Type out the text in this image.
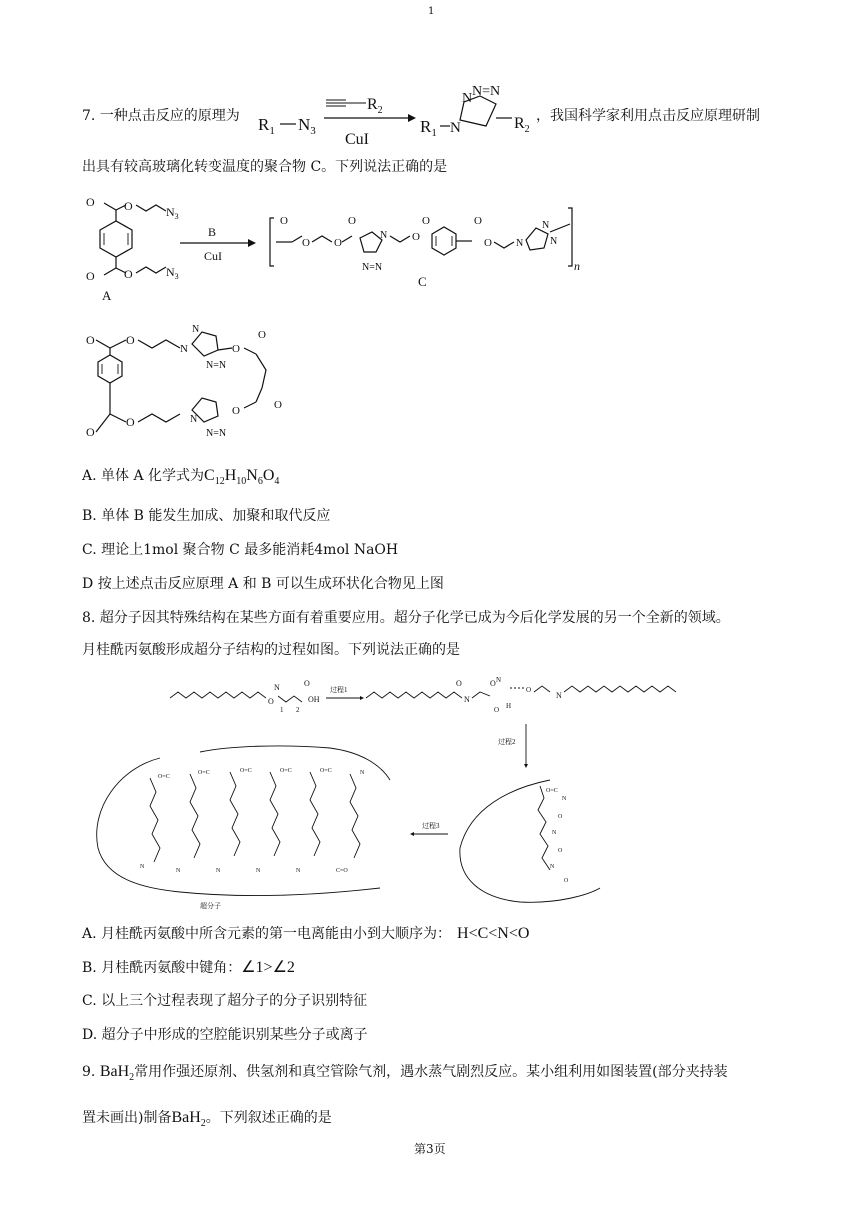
1
7. 一种点击反应的原理为 $R_1$ $N_3$
$R_2$
CuI
$R_1$ N
N N=N
$R_2$
，我国科学家利用点击反应原理研制
出具有较高玻璃化转变温度的聚合物 C。下列说法正确的是
O O	$N_3$
O O	$N_3$
A
B
CuI
O
O O
O
N=N
N O
O	O
O N
N
N
n
C
O	O
N
N
N=N
O
O
O
O
N
N=N
O
O
A. 单体 A 化学式为$C_{12}H_{10}N_6O_4$
B. 单体 B 能发生加成、加聚和取代反应
C. 理论上1mol 聚合物 C 最多能消耗4mol NaOH
D 按上述点击反应原理 A 和 B 可以生成环状化合物见上图
8. 超分子因其特殊结构在某些方面有着重要应用。超分子化学已成为今后化学发展的另一个全新的领域。
月桂酰丙氨酸形成超分子结构的过程如图。下列说法正确的是
O
N
1 2
O
OH
过程1
N
O	O N
O H
O
N
过程2
O=C
N
O
N
O
N
O
过程3
O=C
O=C	O=C	O=C	O=C	N
N
N	N	N	N	C=O
超分子
A. 月桂酰丙氨酸中所含元素的第一电离能由小到大顺序为： H<C<N<O
B. 月桂酰丙氨酸中键角：∠1>∠2
C. 以上三个过程表现了超分子的分子识别特征
D. 超分子中形成的空腔能识别某些分子或离子
9. BaH$_2$常用作强还原剂、供氢剂和真空管除气剂，遇水蒸气剧烈反应。某小组利用如图装置(部分夹持装
置未画出)制备BaH$_2$。下列叙述正确的是
第3页
